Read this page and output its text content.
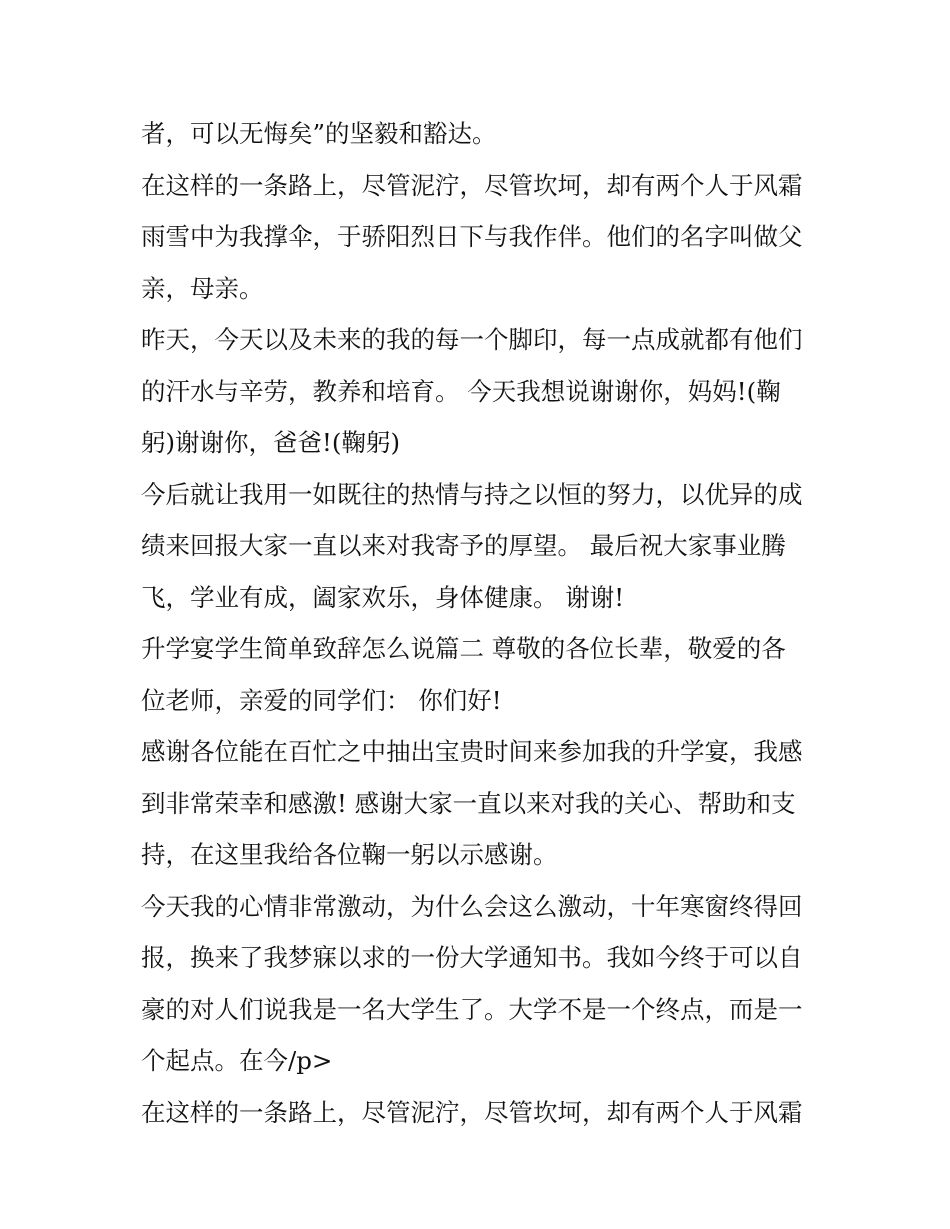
者，可以无悔矣”的坚毅和豁达。

在这样的一条路上，尽管泥泞，尽管坎坷，却有两个人于风霜

雨雪中为我撑伞，于骄阳烈日下与我作伴。他们的名字叫做父

亲，母亲。

昨天，今天以及未来的我的每一个脚印，每一点成就都有他们

的汗水与辛劳，教养和培育。 今天我想说谢谢你，妈妈!(鞠

躬)谢谢你，爸爸!(鞠躬)

今后就让我用一如既往的热情与持之以恒的努力，以优异的成

绩来回报大家一直以来对我寄予的厚望。 最后祝大家事业腾

飞，学业有成，阖家欢乐，身体健康。 谢谢!

升学宴学生简单致辞怎么说篇二 尊敬的各位长辈，敬爱的各

位老师，亲爱的同学们： 你们好!

感谢各位能在百忙之中抽出宝贵时间来参加我的升学宴，我感

到非常荣幸和感激! 感谢大家一直以来对我的关心、帮助和支

持，在这里我给各位鞠一躬以示感谢。

今天我的心情非常激动，为什么会这么激动，十年寒窗终得回

报，换来了我梦寐以求的一份大学通知书。我如今终于可以自

豪的对人们说我是一名大学生了。大学不是一个终点，而是一

个起点。在今/p>

在这样的一条路上，尽管泥泞，尽管坎坷，却有两个人于风霜
